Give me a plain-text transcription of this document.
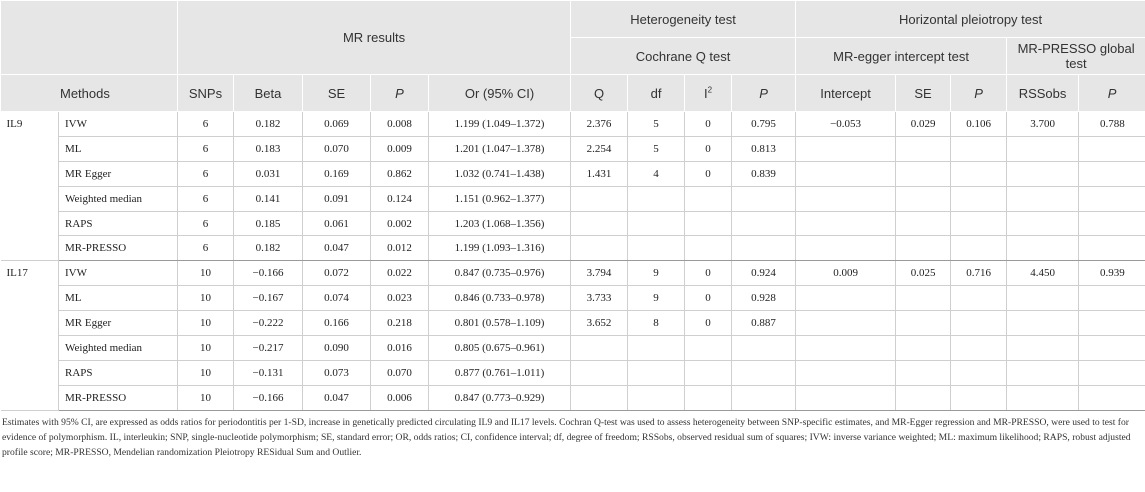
		MR results					Heterogeneity test				Horizontal pleiotropy test				
							Cochrane Q test				MR-egger intercept test			MR-PRESSO global test	
Methods		SNPs	Beta	SE	P	Or (95% CI)	Q	df	$I^2$	P	Intercept	SE	P	RSSobs	P
IL9	IVW	6	0.182	0.069	0.008	1.199 (1.049–1.372)	2.376	5	0	0.795	−0.053	0.029	0.106	3.700	0.788
	ML	6	0.183	0.070	0.009	1.201 (1.047–1.378)	2.254	5	0	0.813					
	MR Egger	6	0.031	0.169	0.862	1.032 (0.741–1.438)	1.431	4	0	0.839					
	Weighted median	6	0.141	0.091	0.124	1.151 (0.962–1.377)									
	RAPS	6	0.185	0.061	0.002	1.203 (1.068–1.356)									
	MR-PRESSO	6	0.182	0.047	0.012	1.199 (1.093–1.316)									
IL17	IVW	10	−0.166	0.072	0.022	0.847 (0.735–0.976)	3.794	9	0	0.924	0.009	0.025	0.716	4.450	0.939
	ML	10	−0.167	0.074	0.023	0.846 (0.733–0.978)	3.733	9	0	0.928					
	MR Egger	10	−0.222	0.166	0.218	0.801 (0.578–1.109)	3.652	8	0	0.887					
	Weighted median	10	−0.217	0.090	0.016	0.805 (0.675–0.961)									
	RAPS	10	−0.131	0.073	0.070	0.877 (0.761–1.011)									
	MR-PRESSO	10	−0.166	0.047	0.006	0.847 (0.773–0.929)									
Estimates with 95% CI, are expressed as odds ratios for periodontitis per 1-SD, increase in genetically predicted circulating IL9 and IL17 levels. Cochran Q-test was used to assess heterogeneity between SNP-specific estimates, and MR-Egger regression and MR-PRESSO, were used to test for evidence of polymorphism. IL, interleukin; SNP, single-nucleotide polymorphism; SE, standard error; OR, odds ratios; CI, confidence interval; df, degree of freedom; RSSobs, observed residual sum of squares; IVW: inverse variance weighted; ML: maximum likelihood; RAPS, robust adjusted profile score; MR-PRESSO, Mendelian randomization Pleiotropy RESidual Sum and Outlier.
